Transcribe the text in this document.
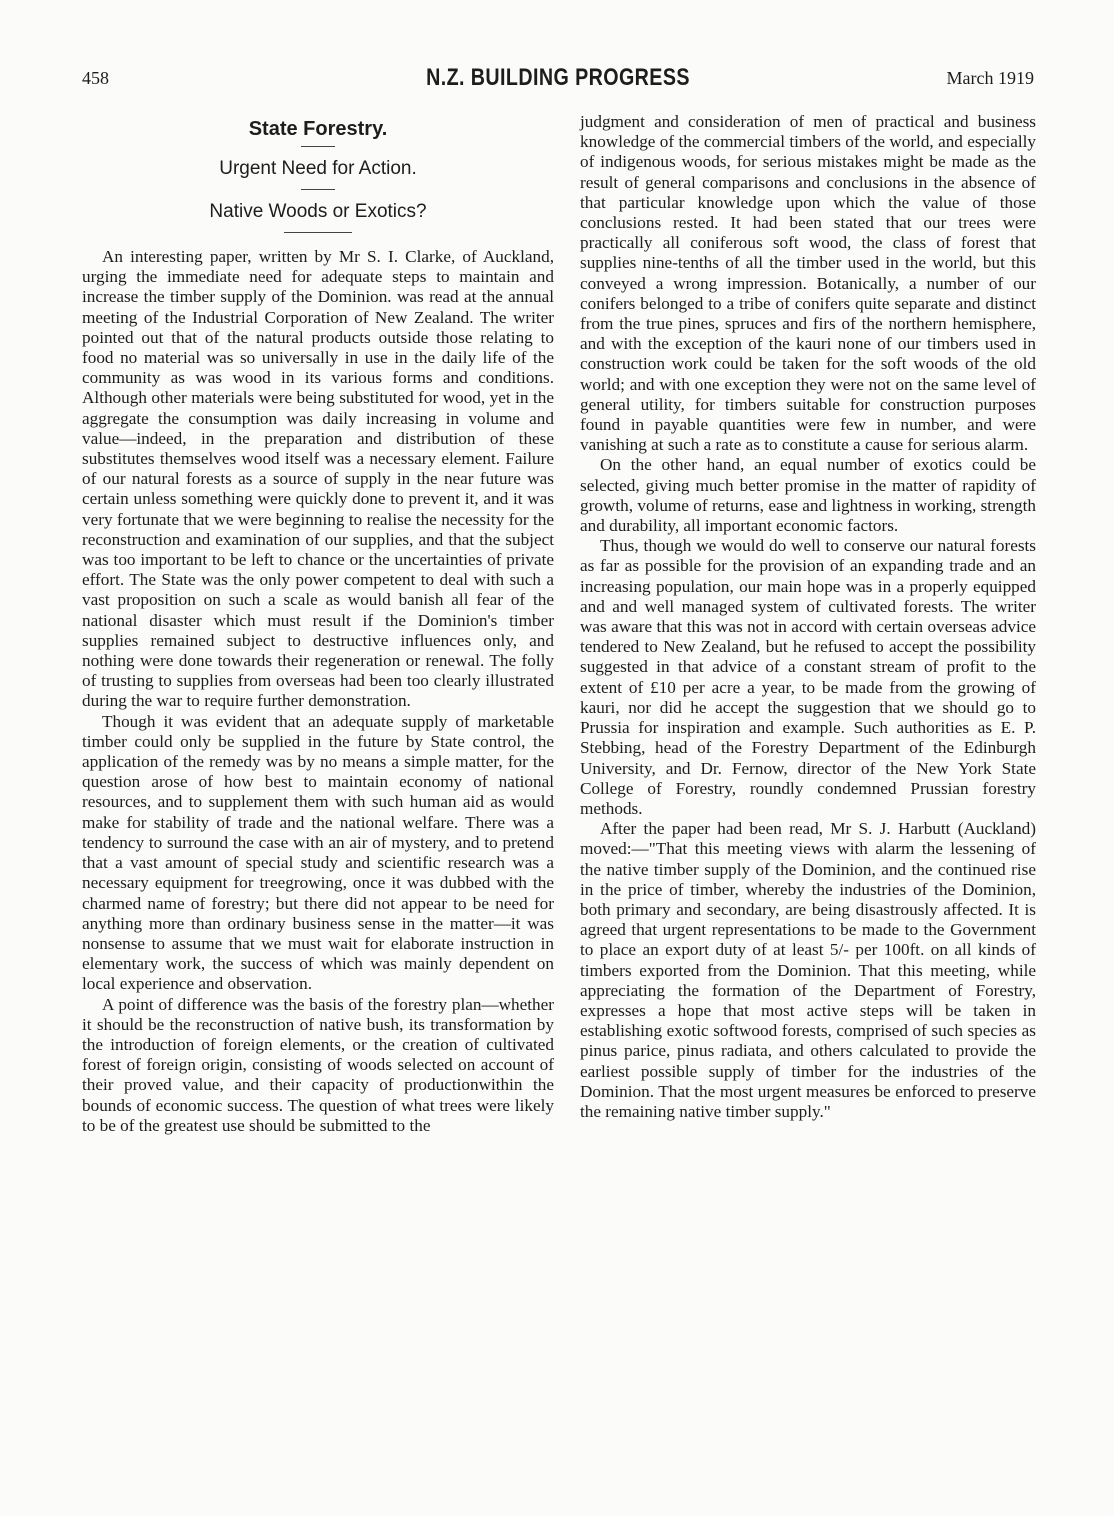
458	N.Z. BUILDING PROGRESS	March 1919
State Forestry.
Urgent Need for Action.
Native Woods or Exotics?

An interesting paper, written by Mr S. I. Clarke, of Auckland, urging the immediate need for adequate steps to maintain and increase the timber supply of the Dominion. was read at the annual meeting of the Industrial Corporation of New Zealand. The writer pointed out that of the natural products outside those relating to food no material was so universally in use in the daily life of the community as was wood in its various forms and conditions. Although other materials were being substituted for wood, yet in the aggregate the consumption was daily increasing in volume and value—indeed, in the preparation and distribution of these substitutes themselves wood itself was a necessary element. Failure of our natural forests as a source of supply in the near future was certain unless something were quickly done to prevent it, and it was very fortunate that we were beginning to realise the necessity for the reconstruction and examination of our supplies, and that the subject was too important to be left to chance or the uncertainties of private effort. The State was the only power competent to deal with such a vast proposition on such a scale as would banish all fear of the national disaster which must result if the Dominion's timber supplies remained subject to destructive influences only, and nothing were done towards their regeneration or renewal. The folly of trusting to supplies from overseas had been too clearly illustrated during the war to require further demonstration.

Though it was evident that an adequate supply of marketable timber could only be supplied in the future by State control, the application of the remedy was by no means a simple matter, for the question arose of how best to maintain economy of national resources, and to supplement them with such human aid as would make for stability of trade and the national welfare. There was a tendency to surround the case with an air of mystery, and to pretend that a vast amount of special study and scientific research was a necessary equipment for treegrowing, once it was dubbed with the charmed name of forestry; but there did not appear to be need for anything more than ordinary business sense in the matter—it was nonsense to assume that we must wait for elaborate instruction in elementary work, the success of which was mainly dependent on local experience and observation.

A point of difference was the basis of the forestry plan—whether it should be the reconstruction of native bush, its transformation by the introduction of foreign elements, or the creation of cultivated forest of foreign origin, consisting of woods selected on account of their proved value, and their capacity of productionwithin the bounds of economic success. The question of what trees were likely to be of the greatest use should be submitted to the

judgment and consideration of men of practical and business knowledge of the commercial timbers of the world, and especially of indigenous woods, for serious mistakes might be made as the result of general comparisons and conclusions in the absence of that particular knowledge upon which the value of those conclusions rested. It had been stated that our trees were practically all coniferous soft wood, the class of forest that supplies nine-tenths of all the timber used in the world, but this conveyed a wrong impression. Botanically, a number of our conifers belonged to a tribe of conifers quite separate and distinct from the true pines, spruces and firs of the northern hemisphere, and with the exception of the kauri none of our timbers used in construction work could be taken for the soft woods of the old world; and with one exception they were not on the same level of general utility, for timbers suitable for construction purposes found in payable quantities were few in number, and were vanishing at such a rate as to constitute a cause for serious alarm.

On the other hand, an equal number of exotics could be selected, giving much better promise in the matter of rapidity of growth, volume of returns, ease and lightness in working, strength and durability, all important economic factors.

Thus, though we would do well to conserve our natural forests as far as possible for the provision of an expanding trade and an increasing population, our main hope was in a properly equipped and and well managed system of cultivated forests. The writer was aware that this was not in accord with certain overseas advice tendered to New Zealand, but he refused to accept the possibility suggested in that advice of a constant stream of profit to the extent of £10 per acre a year, to be made from the growing of kauri, nor did he accept the suggestion that we should go to Prussia for inspiration and example. Such authorities as E. P. Stebbing, head of the Forestry Department of the Edinburgh University, and Dr. Fernow, director of the New York State College of Forestry, roundly condemned Prussian forestry methods.

After the paper had been read, Mr S. J. Harbutt (Auckland) moved:—"That this meeting views with alarm the lessening of the native timber supply of the Dominion, and the continued rise in the price of timber, whereby the industries of the Dominion, both primary and secondary, are being disastrously affected. It is agreed that urgent representations to be made to the Government to place an export duty of at least 5/- per 100ft. on all kinds of timbers exported from the Dominion. That this meeting, while appreciating the formation of the Department of Forestry, expresses a hope that most active steps will be taken in establishing exotic softwood forests, comprised of such species as pinus parice, pinus radiata, and others calculated to provide the earliest possible supply of timber for the industries of the Dominion. That the most urgent measures be enforced to preserve the remaining native timber supply."
